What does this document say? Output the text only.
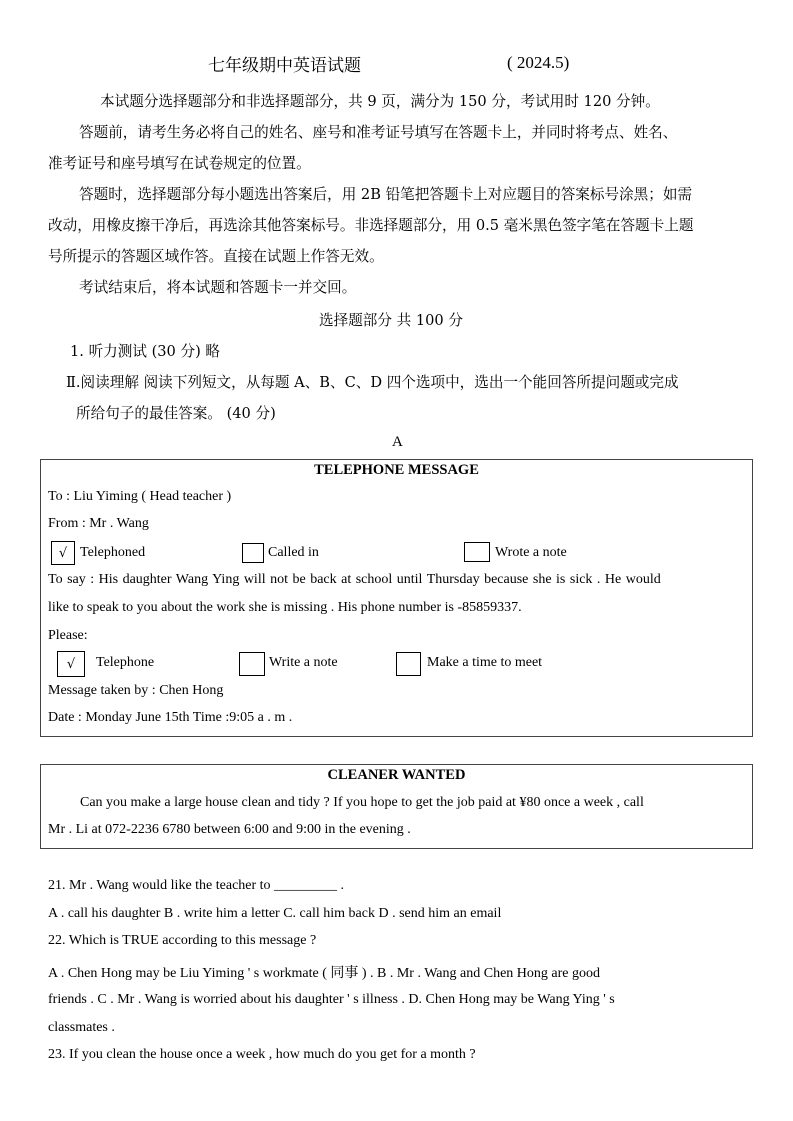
七年级期中英语试题	( 2024.5)
本试题分选择题部分和非选择题部分，共 9 页，满分为 150 分，考试用时 120 分钟。
答题前，请考生务必将自己的姓名、座号和准考证号填写在答题卡上，并同时将考点、姓名、
准考证号和座号填写在试卷规定的位置。
答题时，选择题部分每小题选出答案后，用 2B 铅笔把答题卡上对应题目的答案标号涂黑；如需
改动，用橡皮擦干净后，再选涂其他答案标号。非选择题部分，用 0.5 毫米黑色签字笔在答题卡上题
号所提示的答题区域作答。直接在试题上作答无效。
考试结束后，将本试题和答题卡一并交回。
选择题部分 共 100 分
1. 听力测试 (30 分) 略
Ⅱ.阅读理解 阅读下列短文，从每题 A、B、C、D 四个选项中，选出一个能回答所提问题或完成
所给句子的最佳答案。 (40 分)
A
TELEPHONE MESSAGE
To : Liu Yiming ( Head teacher )
From : Mr . Wang
√ Telephoned	Called in	Wrote a note
To say : His daughter Wang Ying will not be back at school until Thursday because she is sick . He would
like to speak to you about the work she is missing . His phone number is -85859337.
Please:
√	Telephone	Write a note	Make a time to meet
Message taken by : Chen Hong
Date : Monday June 15th Time :9:05 a . m .
CLEANER WANTED
Can you make a large house clean and tidy ? If you hope to get the job paid at ¥80 once a week , call
Mr . Li at 072-2236 6780 between 6:00 and 9:00 in the evening .
21. Mr . Wang would like the teacher to _________ .
A . call his daughter B . write him a letter C. call him back D . send him an email
22. Which is TRUE according to this message ?
A . Chen Hong may be Liu Yiming ' s workmate ( 同事 ) . B . Mr . Wang and Chen Hong are good
friends . C . Mr . Wang is worried about his daughter ' s illness . D. Chen Hong may be Wang Ying ' s
classmates .
23. If you clean the house once a week , how much do you get for a month ?
